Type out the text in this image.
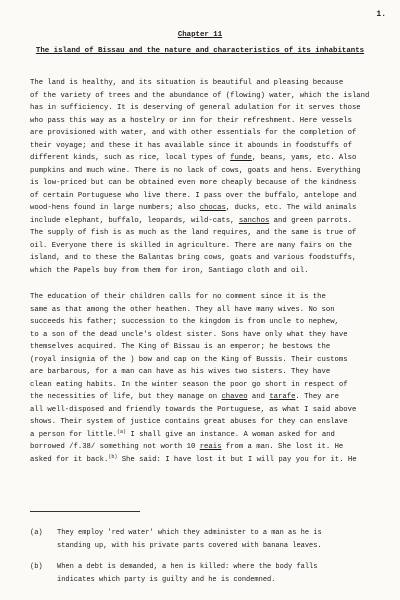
1.
Chapter 11
The island of Bissau and the nature and characteristics of its inhabitants
The land is healthy, and its situation is beautiful and pleasing because
of the variety of trees and the abundance of (flowing) water, which the island
has in sufficiency. It is deserving of general adulation for it serves those
who pass this way as a hostelry or inn for their refreshment. Here vessels
are provisioned with water, and with other essentials for the completion of
their voyage; and these it has available since it abounds in foodstuffs of
different kinds, such as rice, local types of funde, beans, yams, etc. Also
pumpkins and much wine. There is no lack of cows, goats and hens. Everything
is low-priced but can be obtained even more cheaply because of the kindness
of certain Portuguese who live there. I pass over the buffalo, antelope and
wood-hens found in large numbers; also chocas, ducks, etc. The wild animals
include elephant, buffalo, leopards, wild-cats, sanchos and green parrots.
The supply of fish is as much as the land requires, and the same is true of
oil. Everyone there is skilled in agriculture. There are many fairs on the
island, and to these the Balantas bring cows, goats and various foodstuffs,
which the Papels buy from them for iron, Santiago cloth and oil.
The education of their children calls for no comment since it is the
same as that among the other heathen. They all have many wives. No son
succeeds his father; succession to the kingdom is from uncle to nephew,
to a son of the dead uncle's oldest sister. Sons have only what they have
themselves acquired. The King of Bissau is an emperor; he bestows the
(royal insignia of the ) bow and cap on the King of Bussis. Their customs
are barbarous, for a man can have as his wives two sisters. They have
clean eating habits. In the winter season the poor go short in respect of
the necessities of life, but they manage on chaveo and tarafe. They are
all well-disposed and friendly towards the Portuguese, as what I said above
shows. Their system of justice contains great abuses for they can enslave
a person for little.$^{(a)}$ I shall give an instance. A woman asked for and
borrowed /f.38/ something not worth 10 reais from a man. She lost it. He
asked for it back.$^{(b)}$ She said: I have lost it but I will pay you for it. He
(a) They employ 'red water' which they administer to a man as he is
standing up, with his private parts covered with banana leaves.
(b) When a debt is demanded, a hen is killed: where the body falls
indicates which party is guilty and he is condemned.
